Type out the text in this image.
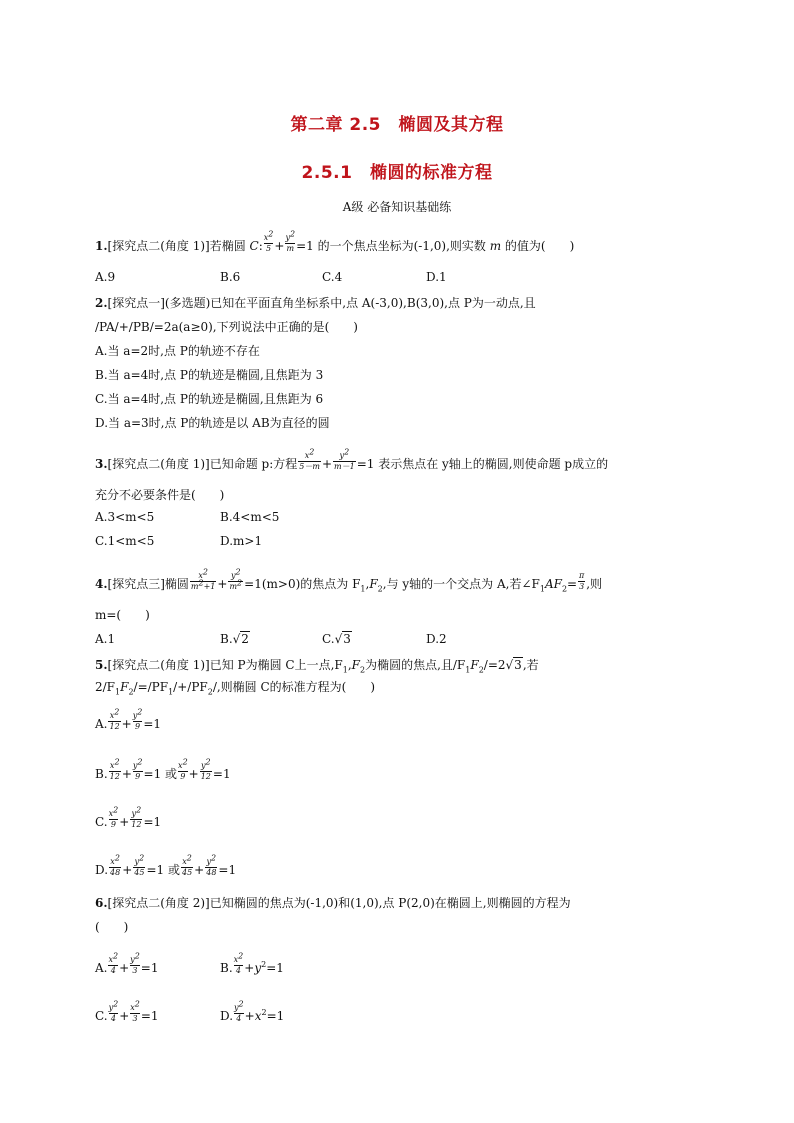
第二章 2.5　椭圆及其方程
2.5.1　椭圆的标准方程
A级 必备知识基础练
1.[探究点二(角度 1)]若椭圆 C: $\frac{x^2}{5} + \frac{y^2}{m} =1$ 的一个焦点坐标为(-1,0),则实数 m 的值为(　　)
A.9	B.6	C.4	D.1
2.[探究点一](多选题)已知在平面直角坐标系中,点 A(-3,0),B(3,0),点 P为一动点,且
/PA/+/PB/=2a(a≥0),下列说法中正确的是(　　)
A.当 a=2时,点 P的轨迹不存在
B.当 a=4时,点 P的轨迹是椭圆,且焦距为 3
C.当 a=4时,点 P的轨迹是椭圆,且焦距为 6
D.当 a=3时,点 P的轨迹是以 AB为直径的圆
3.[探究点二(角度 1)]已知命题 p:方程 $\frac{x^2}{5-m} + \frac{y^2}{m-1} =1$ 表示焦点在 y轴上的椭圆,则使命题 p成立的
充分不必要条件是(　　)
A.3<m<5	B.4<m<5
C.1<m<5	D.m>1
4.[探究点三]椭圆 $\frac{x^2}{m^2+1} + \frac{y^2}{m^2} =1(m>0)$的焦点为 $F_1,F_2$,与 y轴的一个交点为 A,若$\angle F_1AF_2= \frac{\pi}{3}$ ,则
m=(　　)
A.1	B.√2	C.√3	D.2
5.[探究点二(角度 1)]已知 P为椭圆 C上一点$,F_1,F_2$为椭圆的焦点,且$/F_1F_2/=2√3$,若
$2/F_1F_2/=/PF_1/+/PF_2/$,则椭圆 C的标准方程为(　　)
A. $\frac{x^2}{12} + \frac{y^2}{9} =1$
B. $\frac{x^2}{12} + \frac{y^2}{9} =1$ 或 $\frac{x^2}{9} + \frac{y^2}{12} =1$
C. $\frac{x^2}{9} + \frac{y^2}{12} =1$
D. $\frac{x^2}{48} + \frac{y^2}{45} =1$ 或 $\frac{x^2}{45} + \frac{y^2}{48} =1$
6.[探究点二(角度 2)]已知椭圆的焦点为(-1,0)和(1,0),点 P(2,0)在椭圆上,则椭圆的方程为
(　　)
A. $\frac{x^2}{4} + \frac{y^2}{3} =1$	B. $\frac{x^2}{4} +y^2=1$
C. $\frac{y^2}{4} + \frac{x^2}{3} =1$	D. $\frac{y^2}{4} +x^2=1$
